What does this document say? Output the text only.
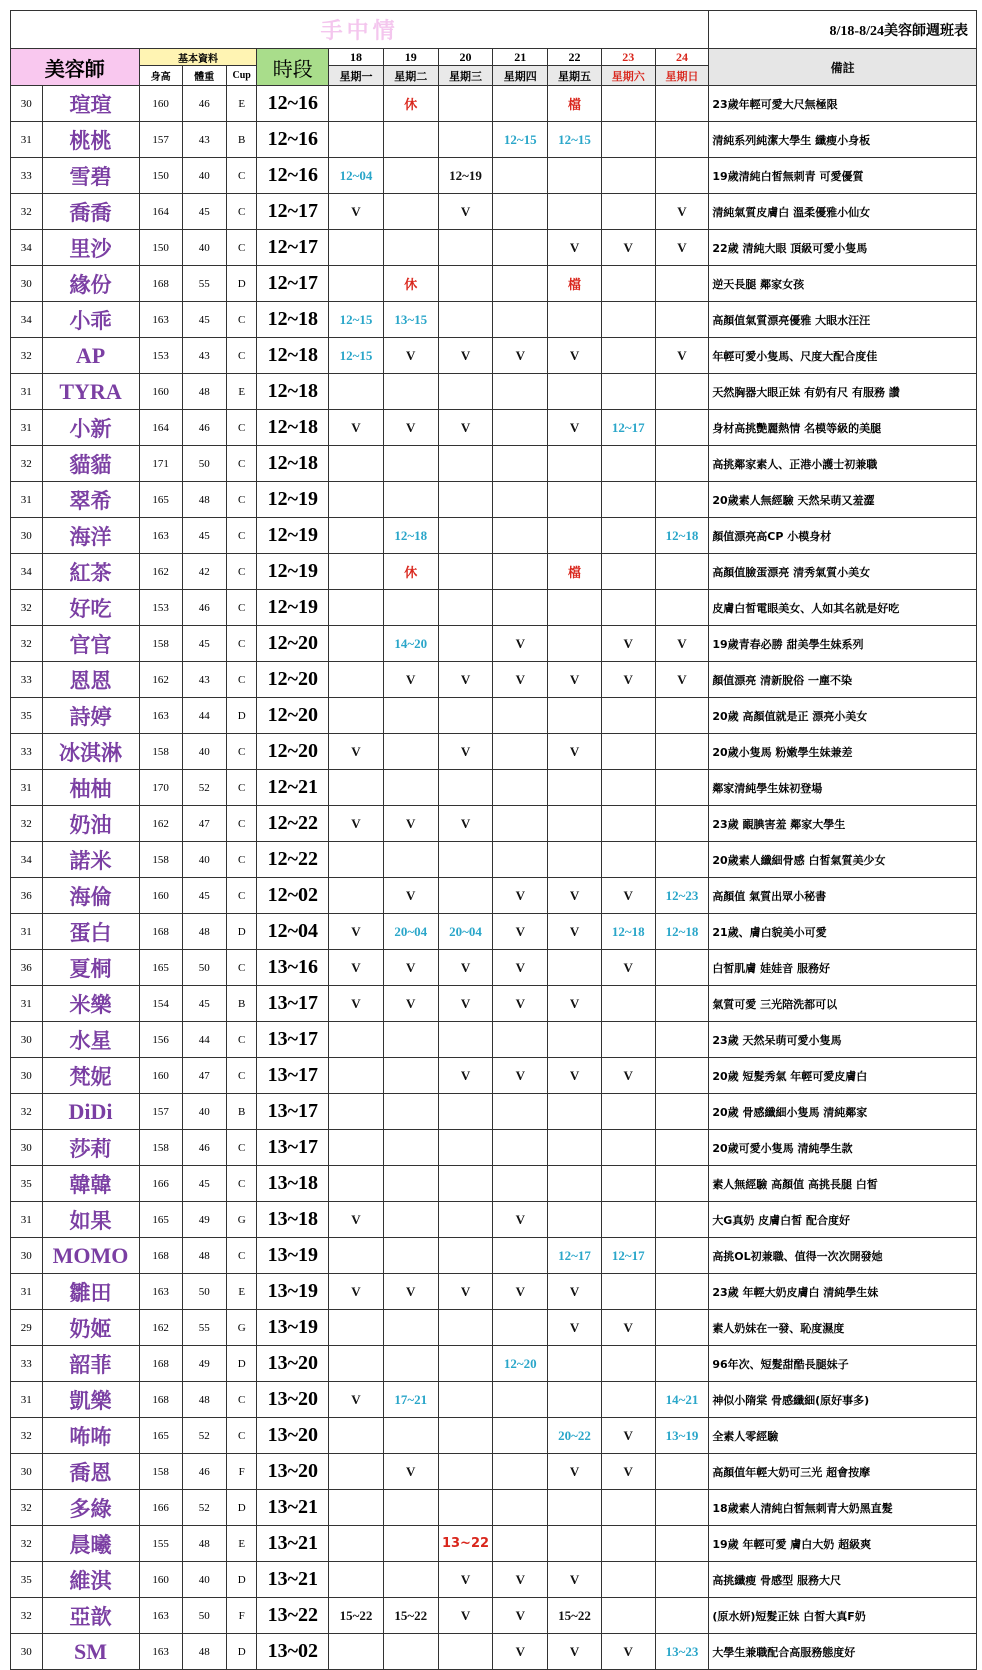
手中情													8/18-8/24美容師週班表
美容師		基本資料			時段	18	19	20	21	22	23	24	備註
		身高	體重	Cup		星期一	星期二	星期三	星期四	星期五	星期六	星期日	
30	瑄瑄	160	46	E	12~16		休			檔			23歲年輕可愛大尺無極限
31	桃桃	157	43	B	12~16				12~15	12~15			清純系列純潔大學生 纖瘦小身板
33	雪碧	150	40	C	12~16	12~04		12~19					19歲清純白皙無刺青 可愛優質
32	喬喬	164	45	C	12~17	V		V				V	清純氣質皮膚白 溫柔優雅小仙女
34	里沙	150	40	C	12~17					V	V	V	22歲 清純大眼 頂級可愛小隻馬
30	緣份	168	55	D	12~17		休			檔			逆天長腿 鄰家女孩
34	小乖	163	45	C	12~18	12~15	13~15						高顏值氣質漂亮優雅 大眼水汪汪
32	AP	153	43	C	12~18	12~15	V	V	V	V		V	年輕可愛小隻馬、尺度大配合度佳
31	TYRA	160	48	E	12~18								天然胸器大眼正妹 有奶有尺 有服務 讚
31	小新	164	46	C	12~18	V	V	V		V	12~17		身材高挑艷麗熱情 名模等級的美腿
32	貓貓	171	50	C	12~18								高挑鄰家素人、正港小護士初兼職
31	翠希	165	48	C	12~19								20歲素人無經驗 天然呆萌又羞澀
30	海洋	163	45	C	12~19		12~18					12~18	顏值漂亮高CP 小模身材
34	紅茶	162	42	C	12~19		休			檔			高顏值臉蛋漂亮 清秀氣質小美女
32	好吃	153	46	C	12~19								皮膚白皙電眼美女、人如其名就是好吃
32	官官	158	45	C	12~20		14~20		V		V	V	19歲青春必勝 甜美學生妹系列
33	恩恩	162	43	C	12~20		V	V	V	V	V	V	顏值漂亮 清新脫俗 一塵不染
35	詩婷	163	44	D	12~20								20歲 高顏值就是正 漂亮小美女
33	冰淇淋	158	40	C	12~20	V		V		V			20歲小隻馬 粉嫩學生妹兼差
31	柚柚	170	52	C	12~21								鄰家清純學生妹初登場
32	奶油	162	47	C	12~22	V	V	V					23歲 靦腆害羞 鄰家大學生
34	諾米	158	40	C	12~22								20歲素人纖細骨感 白皙氣質美少女
36	海倫	160	45	C	12~02		V		V	V	V	12~23	高顏值 氣質出眾小秘書
31	蛋白	168	48	D	12~04	V	20~04	20~04	V	V	12~18	12~18	21歲、膚白貌美小可愛
36	夏桐	165	50	C	13~16	V	V	V	V		V		白皙肌膚 娃娃音 服務好
31	米樂	154	45	B	13~17	V	V	V	V	V			氣質可愛 三光陪洗都可以
30	水星	156	44	C	13~17								23歲 天然呆萌可愛小隻馬
30	梵妮	160	47	C	13~17			V	V	V	V		20歲 短髮秀氣 年輕可愛皮膚白
32	DiDi	157	40	B	13~17								20歲 骨感纖細小隻馬 清純鄰家
30	莎莉	158	46	C	13~17								20歲可愛小隻馬 清純學生款
35	韓韓	166	45	C	13~18								素人無經驗 高顏值 高挑長腿 白皙
31	如果	165	49	G	13~18	V			V				大G真奶 皮膚白皙 配合度好
30	MOMO	168	48	C	13~19					12~17	12~17		高挑OL初兼職、值得一次次開發她
31	雛田	163	50	E	13~19	V	V	V	V	V			23歲 年輕大奶皮膚白 清純學生妹
29	奶姬	162	55	G	13~19					V	V		素人奶妹在一發、恥度濕度
33	韶菲	168	49	D	13~20				12~20				96年次、短髮甜酷長腿妹子
31	凱樂	168	48	C	13~20	V	17~21					14~21	神似小隋棠 骨感纖細(原好事多)
32	咘咘	165	52	C	13~20					20~22	V	13~19	全素人零經驗
30	喬恩	158	46	F	13~20		V			V	V		高顏值年輕大奶可三光 超會按摩
32	多綠	166	52	D	13~21								18歲素人清純白皙無刺青大奶黑直髮
32	晨曦	155	48	E	13~21			13~22					19歲 年輕可愛 膚白大奶 超級爽
35	維淇	160	40	D	13~21			V	V	V			高挑纖瘦 骨感型 服務大尺
32	亞歆	163	50	F	13~22	15~22	15~22	V	V	15~22			(原水妍)短髮正妹 白皙大真F奶
30	SM	163	48	D	13~02				V	V	V	13~23	大學生兼職配合高服務態度好
